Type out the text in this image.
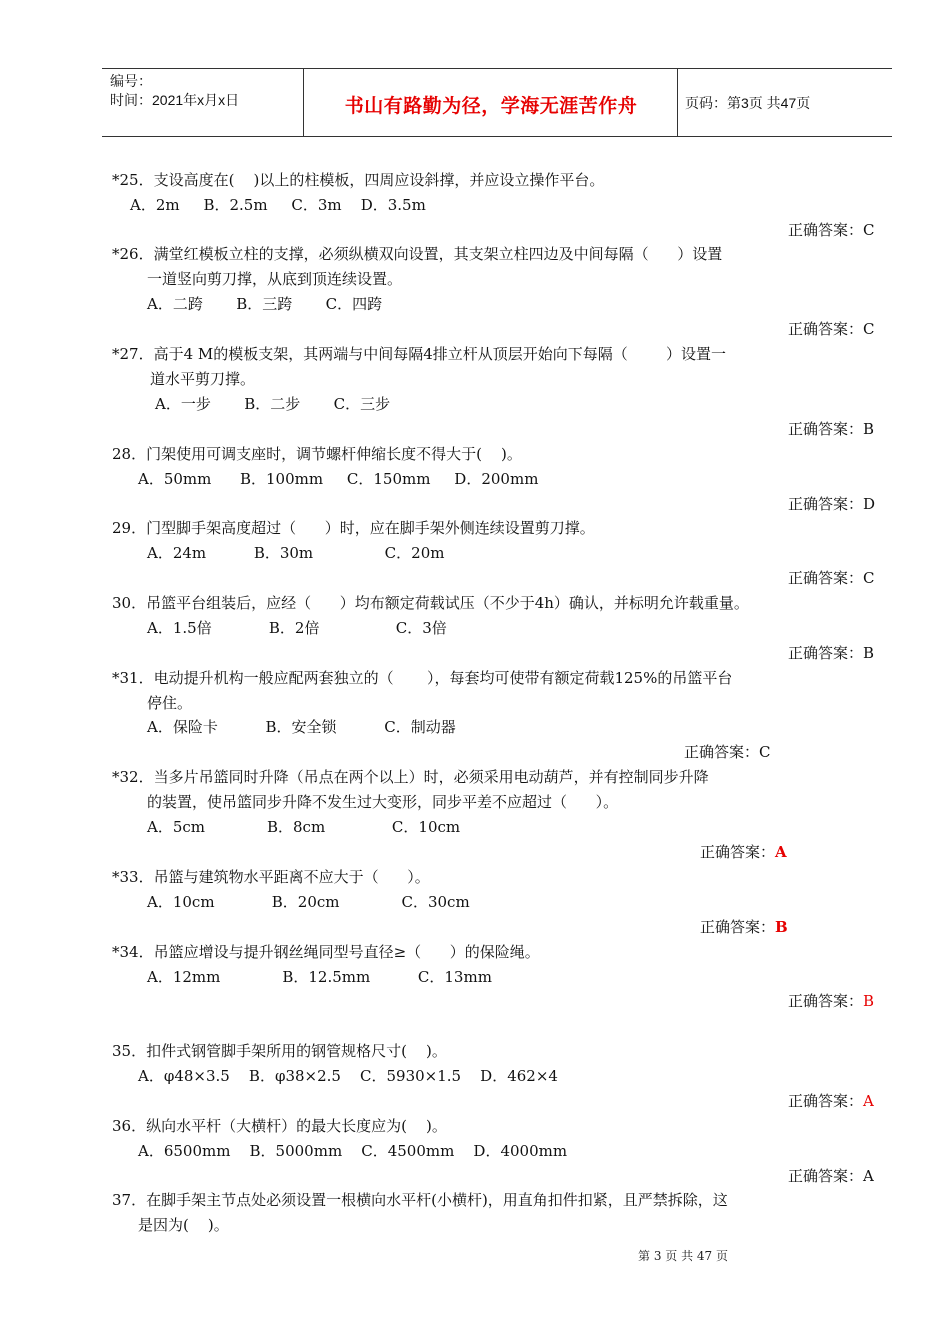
编号：
时间：2021年x月x日	书山有路勤为径，学海无涯苦作舟	页码：第3页 共47页
*25．支设高度在(    )以上的柱模板，四周应设斜撑，并应设立操作平台。
A．2m     B．2.5m     C．3m    D．3.5m
正确答案：C
*26．满堂红模板立柱的支撑，必须纵横双向设置，其支架立柱四边及中间每隔（      ）设置
一道竖向剪刀撑，从底到顶连续设置。
A．二跨       B．三跨       C．四跨
正确答案：C
*27．高于4 M的模板支架，其两端与中间每隔4排立杆从顶层开始向下每隔（        ）设置一
道水平剪刀撑。
A．一步       B．二步       C．三步
正确答案：B
28．门架使用可调支座时，调节螺杆伸缩长度不得大于(    )。
A．50mm      B．100mm     C．150mm     D．200mm
正确答案：D
29．门型脚手架高度超过（      ）时，应在脚手架外侧连续设置剪刀撑。
A．24m          B．30m               C．20m
正确答案：C
30．吊篮平台组装后，应经（      ）均布额定荷载试压（不少于4h）确认，并标明允许载重量。
A．1.5倍            B．2倍                C．3倍
正确答案：B
*31．电动提升机构一般应配两套独立的（       ），每套均可使带有额定荷载125%的吊篮平台
停住。
A．保险卡          B．安全锁          C．制动器
正确答案：C
*32．当多片吊篮同时升降（吊点在两个以上）时，必须采用电动葫芦，并有控制同步升降
的装置，使吊篮同步升降不发生过大变形，同步平差不应超过（      ）。
A．5cm             B．8cm              C．10cm
正确答案：A
*33．吊篮与建筑物水平距离不应大于（      ）。
A．10cm            B．20cm             C．30cm
正确答案：B
*34．吊篮应增设与提升钢丝绳同型号直径≥（      ）的保险绳。
A．12mm             B．12.5mm          C．13mm
正确答案：B
35．扣件式钢管脚手架所用的钢管规格尺寸(    )。
A．φ48×3.5    B．φ38×2.5    C．5930×1.5    D．462×4
正确答案：A
36．纵向水平杆（大横杆）的最大长度应为(    )。
A．6500mm    B．5000mm    C．4500mm    D．4000mm
正确答案：A
37．在脚手架主节点处必须设置一根横向水平杆(小横杆)，用直角扣件扣紧，且严禁拆除，这
是因为(    )。
第 3 页 共 47 页
